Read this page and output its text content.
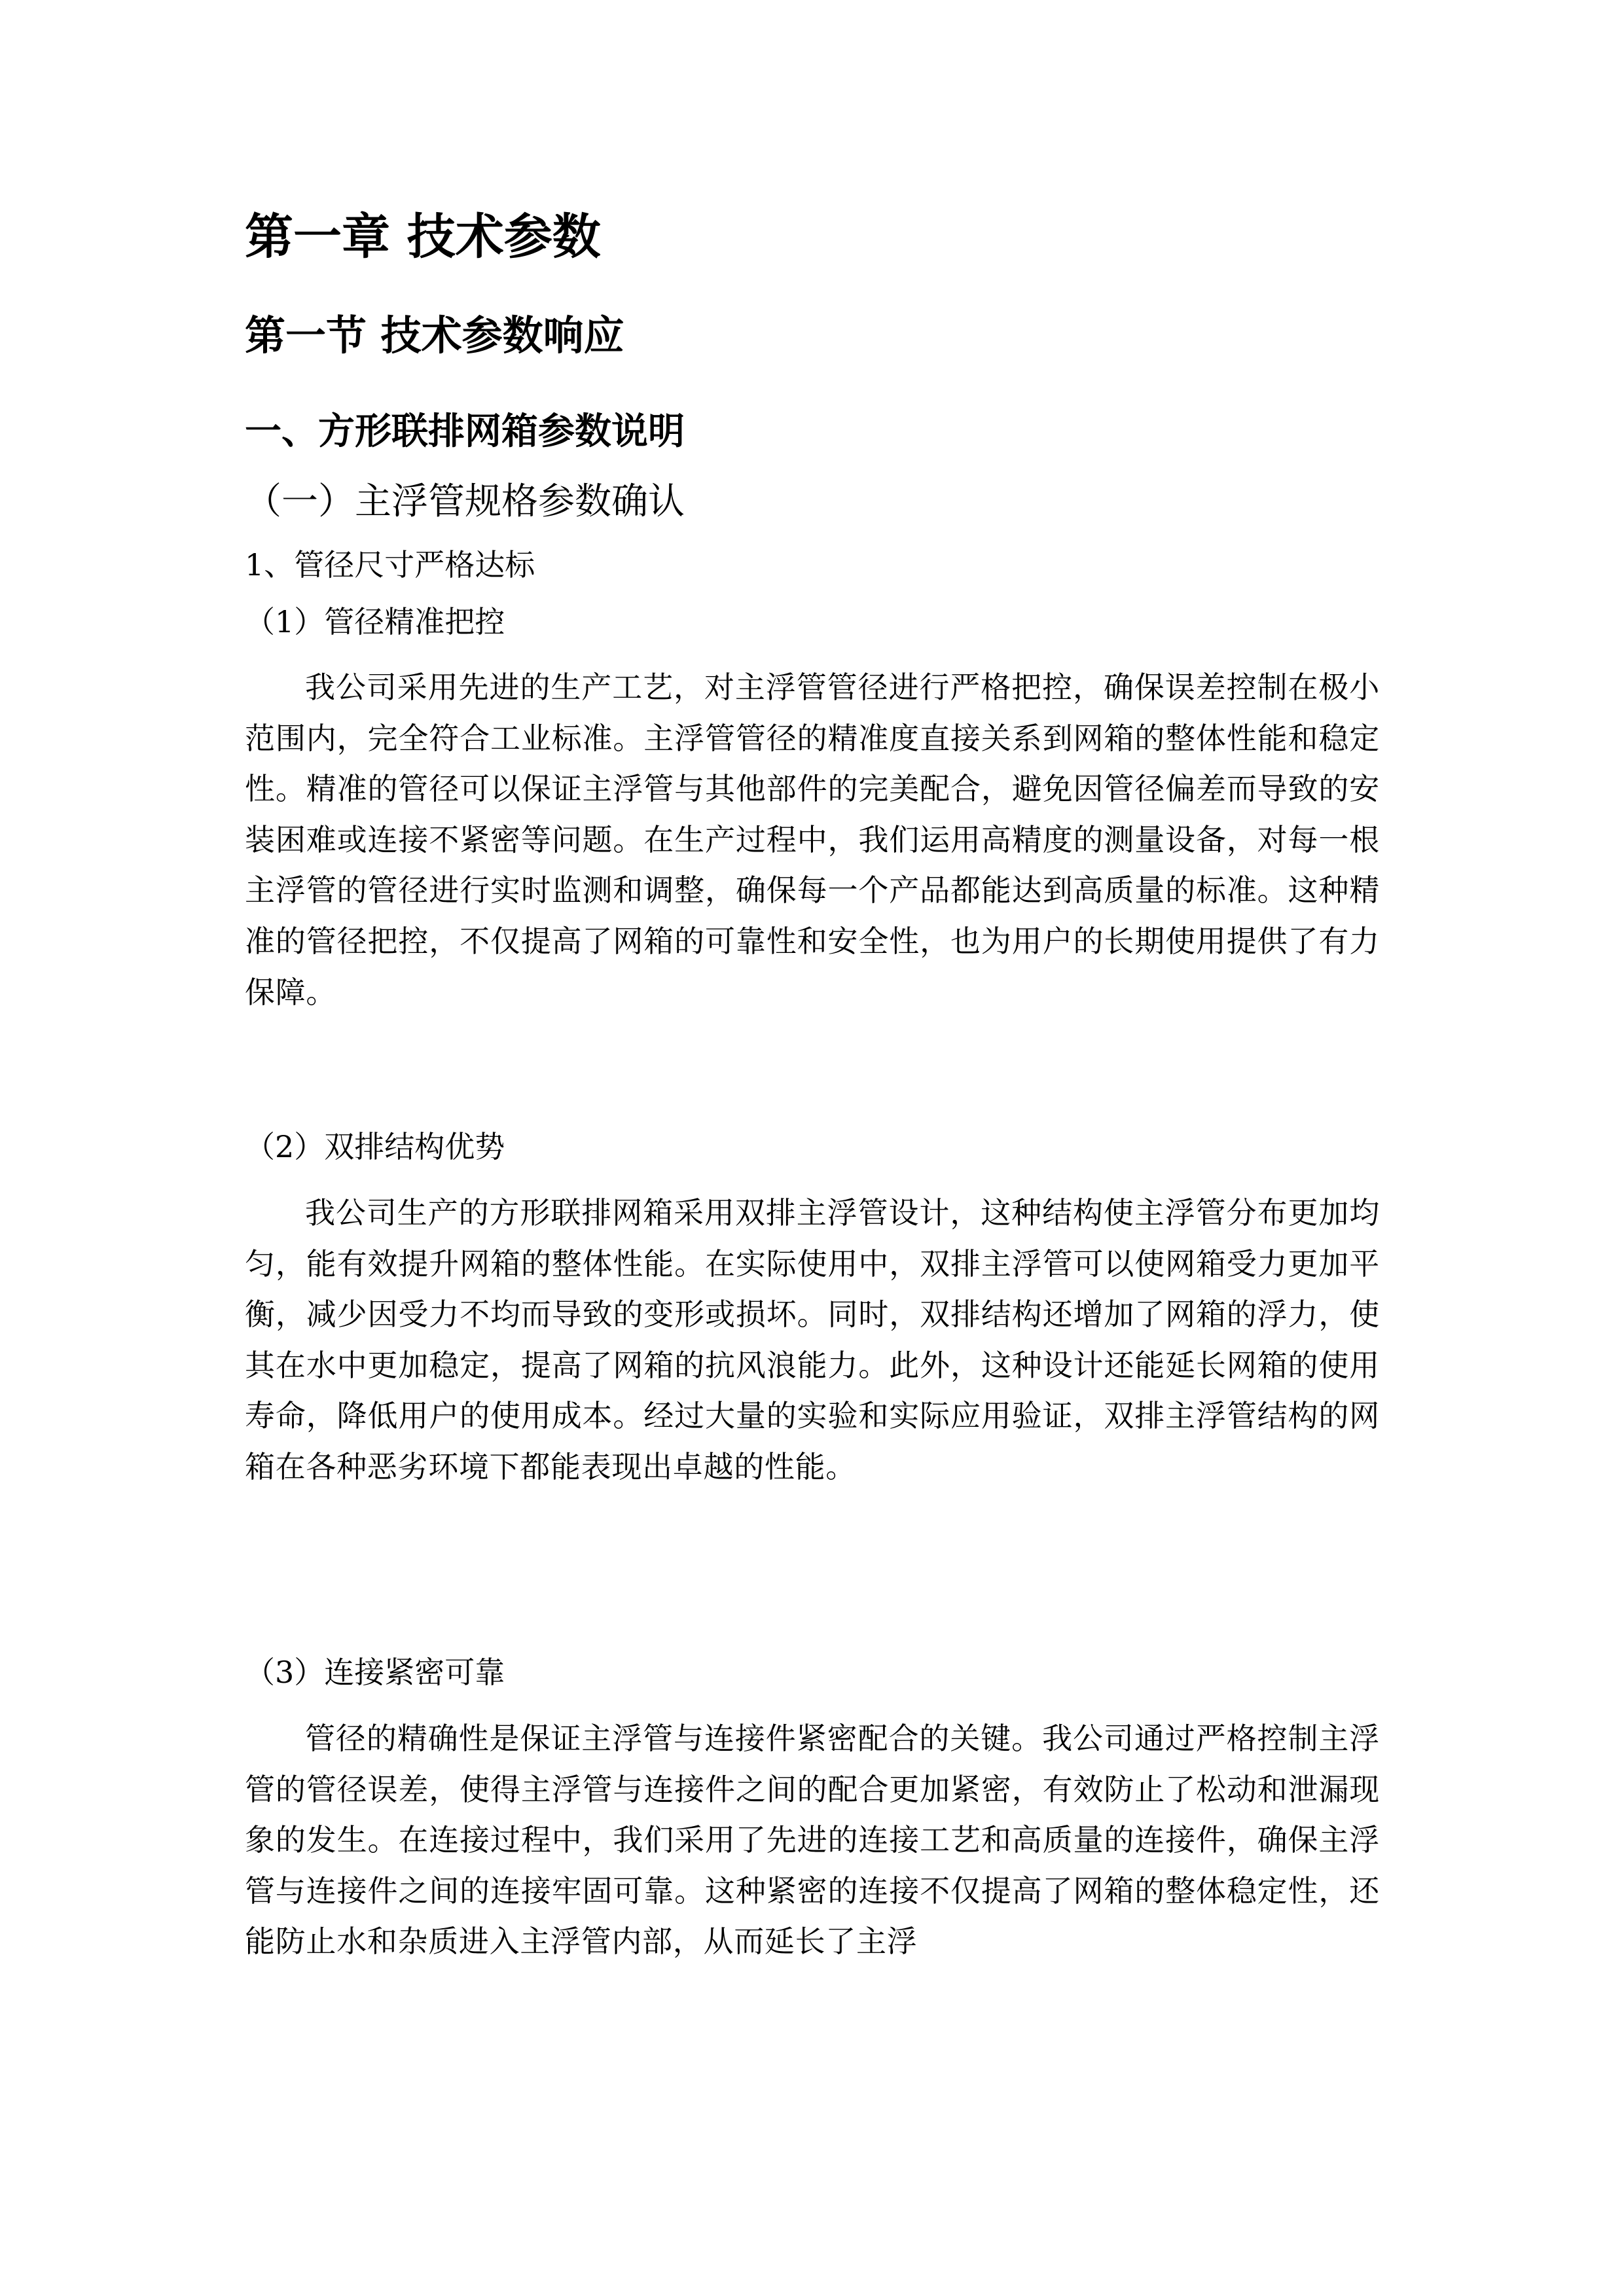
第一章 技术参数
第一节 技术参数响应
一、方形联排网箱参数说明
（一）主浮管规格参数确认
1、管径尺寸严格达标
（1）管径精准把控

我公司采用先进的生产工艺，对主浮管管径进行严格把控，确保误差控制在极小范围内，完全符合工业标准。主浮管管径的精准度直接关系到网箱的整体性能和稳定性。精准的管径可以保证主浮管与其他部件的完美配合，避免因管径偏差而导致的安装困难或连接不紧密等问题。在生产过程中，我们运用高精度的测量设备，对每一根主浮管的管径进行实时监测和调整，确保每一个产品都能达到高质量的标准。这种精准的管径把控，不仅提高了网箱的可靠性和安全性，也为用户的长期使用提供了有力保障。

（2）双排结构优势

我公司生产的方形联排网箱采用双排主浮管设计，这种结构使主浮管分布更加均匀，能有效提升网箱的整体性能。在实际使用中，双排主浮管可以使网箱受力更加平衡，减少因受力不均而导致的变形或损坏。同时，双排结构还增加了网箱的浮力，使其在水中更加稳定，提高了网箱的抗风浪能力。此外，这种设计还能延长网箱的使用寿命，降低用户的使用成本。经过大量的实验和实际应用验证，双排主浮管结构的网箱在各种恶劣环境下都能表现出卓越的性能。

（3）连接紧密可靠

管径的精确性是保证主浮管与连接件紧密配合的关键。我公司通过严格控制主浮管的管径误差，使得主浮管与连接件之间的配合更加紧密，有效防止了松动和泄漏现象的发生。在连接过程中，我们采用了先进的连接工艺和高质量的连接件，确保主浮管与连接件之间的连接牢固可靠。这种紧密的连接不仅提高了网箱的整体稳定性，还能防止水和杂质进入主浮管内部，从而延长了主浮
